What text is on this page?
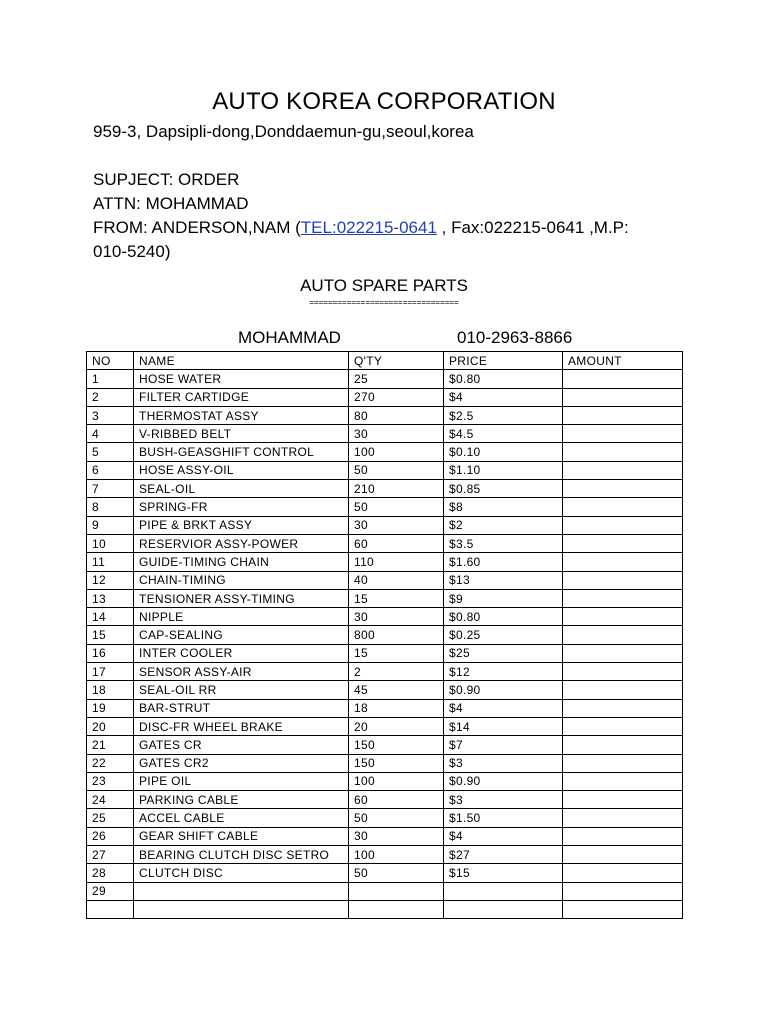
AUTO KOREA CORPORATION
959-3, Dapsipli-dong,Donddaemun-gu,seoul,korea
SUPJECT: ORDER
ATTN: MOHAMMAD
FROM: ANDERSON,NAM (TEL:022215-0641 , Fax:022215-0641 ,M.P:
010-5240)
AUTO SPARE PARTS
================================
MOHAMMAD	010-2963-8866
NO	NAME	Q'TY	PRICE	AMOUNT
1	HOSE WATER	25	$0.80	
2	FILTER CARTIDGE	270	$4	
3	THERMOSTAT ASSY	80	$2.5	
4	V-RIBBED BELT	30	$4.5	
5	BUSH-GEASGHIFT CONTROL	100	$0.10	
6	HOSE ASSY-OIL	50	$1.10	
7	SEAL-OIL	210	$0.85	
8	SPRING-FR	50	$8	
9	PIPE & BRKT ASSY	30	$2	
10	RESERVIOR ASSY-POWER	60	$3.5	
11	GUIDE-TIMING CHAIN	110	$1.60	
12	CHAIN-TIMING	40	$13	
13	TENSIONER ASSY-TIMING	15	$9	
14	NIPPLE	30	$0.80	
15	CAP-SEALING	800	$0.25	
16	INTER COOLER	15	$25	
17	SENSOR ASSY-AIR	2	$12	
18	SEAL-OIL RR	45	$0.90	
19	BAR-STRUT	18	$4	
20	DISC-FR WHEEL BRAKE	20	$14	
21	GATES CR	150	$7	
22	GATES CR2	150	$3	
23	PIPE OIL	100	$0.90	
24	PARKING CABLE	60	$3	
25	ACCEL CABLE	50	$1.50	
26	GEAR SHIFT CABLE	30	$4	
27	BEARING CLUTCH DISC SETRO	100	$27	
28	CLUTCH DISC	50	$15	
29				
